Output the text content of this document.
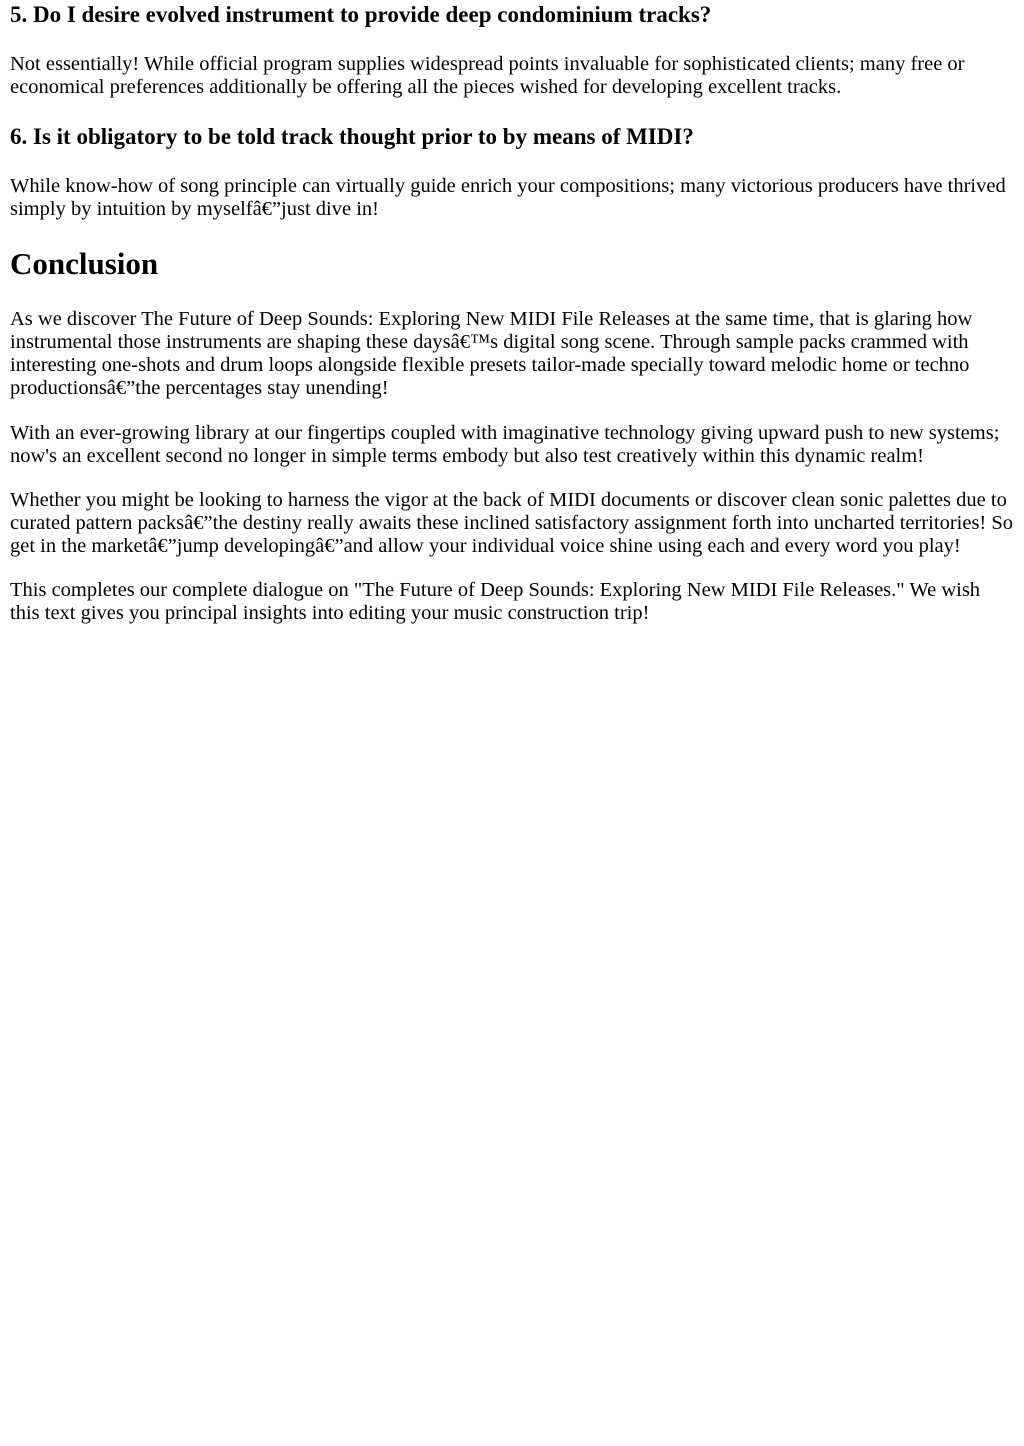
5. Do I desire evolved instrument to provide deep condominium tracks?

Not essentially! While official program supplies widespread points invaluable for sophisticated clients; many free or economical preferences additionally be offering all the pieces wished for developing excellent tracks.

6. Is it obligatory to be told track thought prior to by means of MIDI?

While know-how of song principle can virtually guide enrich your compositions; many victorious producers have thrived simply by intuition by myselfâ€”just dive in!

Conclusion

As we discover The Future of Deep Sounds: Exploring New MIDI File Releases at the same time, that is glaring how instrumental those instruments are shaping these daysâ€™s digital song scene. Through sample packs crammed with interesting one-shots and drum loops alongside flexible presets tailor-made specially toward melodic home or techno productionsâ€”the percentages stay unending!

With an ever-growing library at our fingertips coupled with imaginative technology giving upward push to new systems; now's an excellent second no longer in simple terms embody but also test creatively within this dynamic realm!

Whether you might be looking to harness the vigor at the back of MIDI documents or discover clean sonic palettes due to curated pattern packsâ€”the destiny really awaits these inclined satisfactory assignment forth into uncharted territories! So get in the marketâ€”jump developingâ€”and allow your individual voice shine using each and every word you play!

This completes our complete dialogue on "The Future of Deep Sounds: Exploring New MIDI File Releases." We wish this text gives you principal insights into editing your music construction trip!
